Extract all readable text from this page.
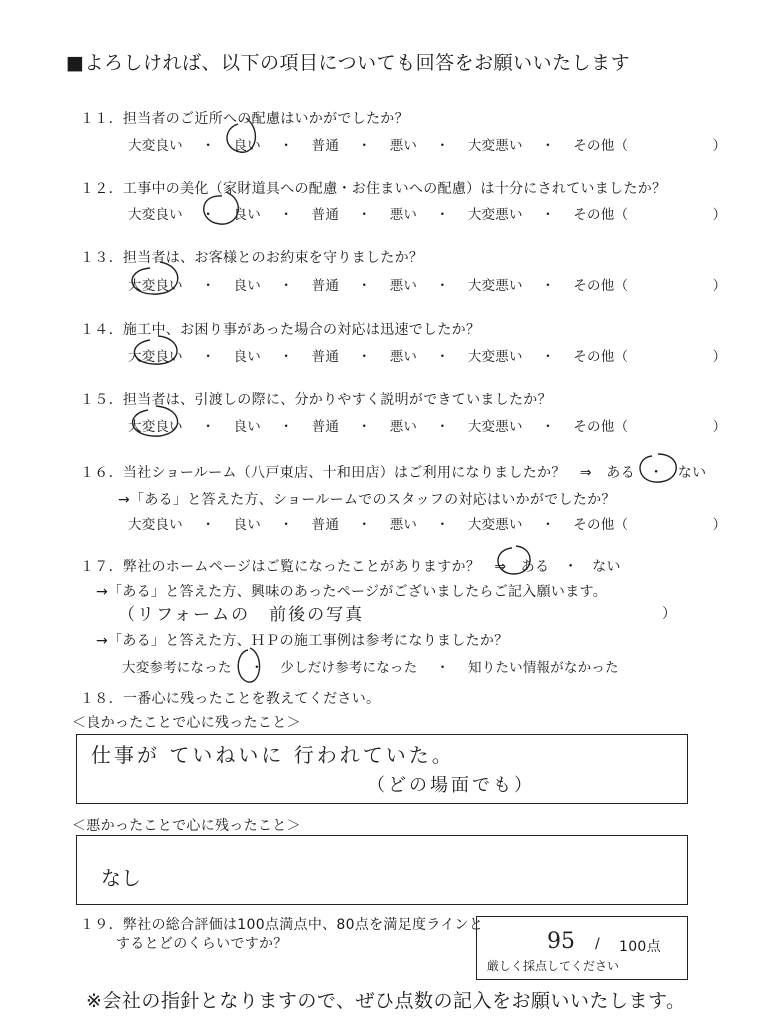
■よろしければ、以下の項目についても回答をお願いいたします
１１．担当者のご近所への配慮はいかがでしたか？
大変良い ・ 良い ・ 普通 ・ 悪い ・ 大変悪い ・ その他（	）
１２．工事中の美化（家財道具への配慮・お住まいへの配慮）は十分にされていましたか？
大変良い ・ 良い ・ 普通 ・ 悪い ・ 大変悪い ・ その他（	）
１３．担当者は、お客様とのお約束を守りましたか？
大変良い ・ 良い ・ 普通 ・ 悪い ・ 大変悪い ・ その他（	）
１４．施工中、お困り事があった場合の対応は迅速でしたか？
大変良い ・ 良い ・ 普通 ・ 悪い ・ 大変悪い ・ その他（	）
１５．担当者は、引渡しの際に、分かりやすく説明ができていましたか？
大変良い ・ 良い ・ 普通 ・ 悪い ・ 大変悪い ・ その他（	）
１６．当社ショールーム（八戸東店、十和田店）はご利用になりましたか？　⇒　ある　・　ない
→「ある」と答えた方、ショールームでのスタッフの対応はいかがでしたか？
大変良い ・ 良い ・ 普通 ・ 悪い ・ 大変悪い ・ その他（	）
１７．弊社のホームページはご覧になったことがありますか？　⇒　ある　・　ない
→「ある」と答えた方、興味のあったページがございましたらご記入願います。
（リフォームの　前後の写真	）
→「ある」と答えた方、ＨＰの施工事例は参考になりましたか？
大変参考になった ・ 少しだけ参考になった ・ 知りたい情報がなかった
１８．一番心に残ったことを教えてください。
＜良かったことで心に残ったこと＞
仕事が ていねいに 行われていた。
（どの場面でも）
＜悪かったことで心に残ったこと＞
なし
１９．弊社の総合評価は100点満点中、80点を満足度ラインと
するとどのくらいですか？	95 / 100点
厳しく採点してください
※会社の指針となりますので、ぜひ点数の記入をお願いいたします。
